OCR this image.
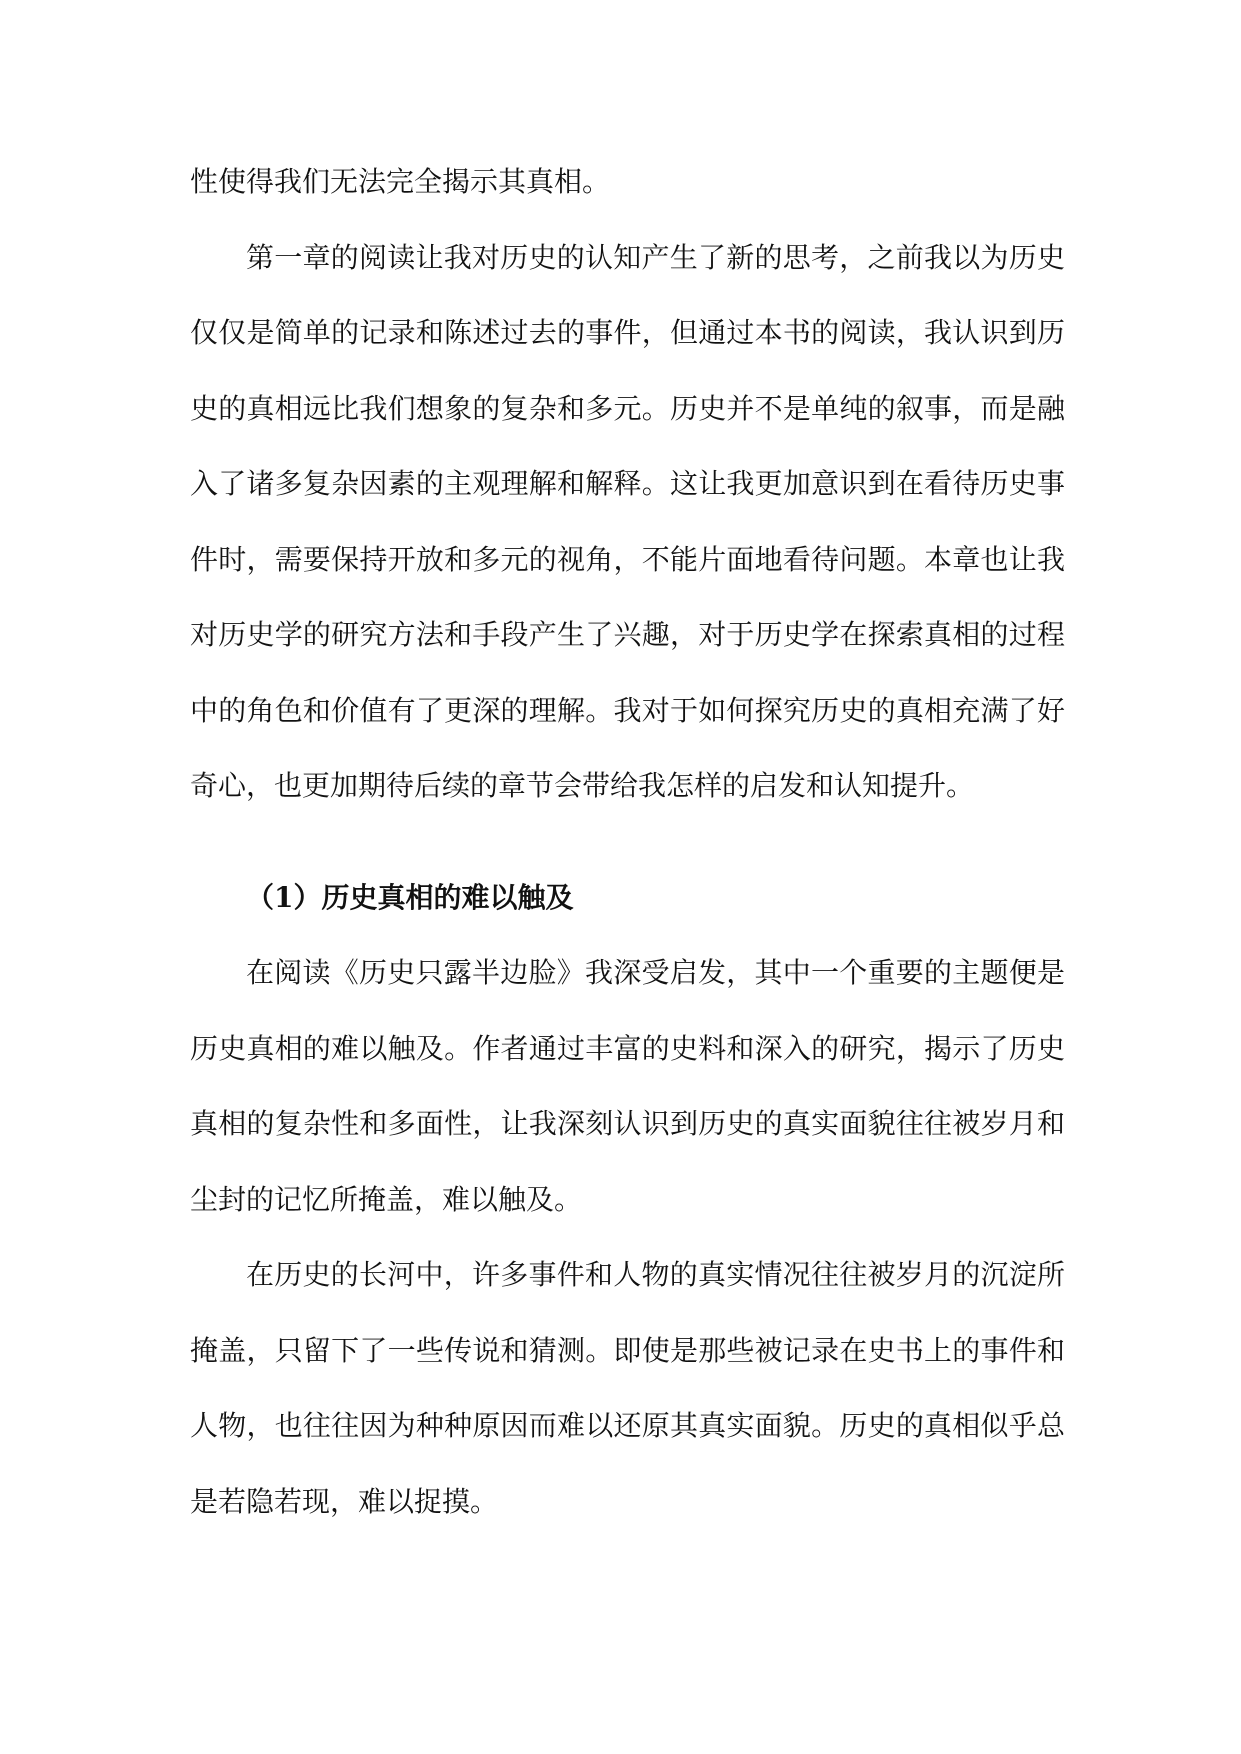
性使得我们无法完全揭示其真相。

第一章的阅读让我对历史的认知产生了新的思考，之前我以为历史仅仅是简单的记录和陈述过去的事件，但通过本书的阅读，我认识到历史的真相远比我们想象的复杂和多元。历史并不是单纯的叙事，而是融入了诸多复杂因素的主观理解和解释。这让我更加意识到在看待历史事件时，需要保持开放和多元的视角，不能片面地看待问题。本章也让我对历史学的研究方法和手段产生了兴趣，对于历史学在探索真相的过程中的角色和价值有了更深的理解。我对于如何探究历史的真相充满了好奇心，也更加期待后续的章节会带给我怎样的启发和认知提升。

（1）历史真相的难以触及

在阅读《历史只露半边脸》我深受启发，其中一个重要的主题便是历史真相的难以触及。作者通过丰富的史料和深入的研究，揭示了历史真相的复杂性和多面性，让我深刻认识到历史的真实面貌往往被岁月和尘封的记忆所掩盖，难以触及。

在历史的长河中，许多事件和人物的真实情况往往被岁月的沉淀所掩盖，只留下了一些传说和猜测。即使是那些被记录在史书上的事件和人物，也往往因为种种原因而难以还原其真实面貌。历史的真相似乎总是若隐若现，难以捉摸。
